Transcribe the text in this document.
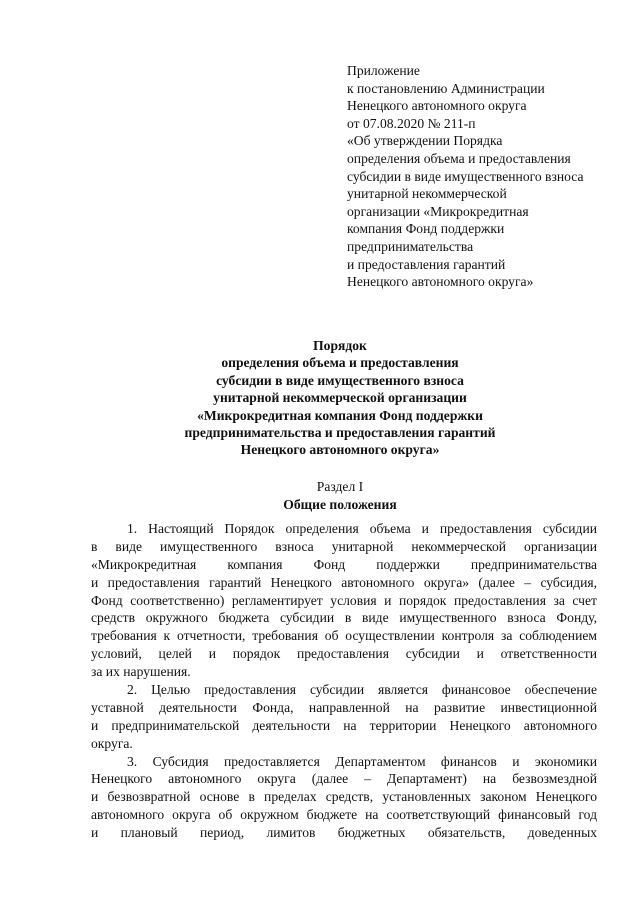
Приложение
к постановлению Администрации
Ненецкого автономного округа
от 07.08.2020 № 211-п
«Об утверждении Порядка
определения объема и предоставления
субсидии в виде имущественного взноса
унитарной некоммерческой
организации «Микрокредитная
компания Фонд поддержки
предпринимательства
и предоставления гарантий
Ненецкого автономного округа»
Порядок
определения объема и предоставления
субсидии в виде имущественного взноса
унитарной некоммерческой организации
«Микрокредитная компания Фонд поддержки
предпринимательства и предоставления гарантий
Ненецкого автономного округа»
Раздел I
Общие положения
1. Настоящий Порядок определения объема и предоставления субсидии
в виде имущественного взноса унитарной некоммерческой организации
«Микрокредитная компания Фонд поддержки предпринимательства
и предоставления гарантий Ненецкого автономного округа» (далее – субсидия,
Фонд соответственно) регламентирует условия и порядок предоставления за счет
средств окружного бюджета субсидии в виде имущественного взноса Фонду,
требования к отчетности, требования об осуществлении контроля за соблюдением
условий, целей и порядок предоставления субсидии и ответственности
за их нарушения.
2. Целью предоставления субсидии является финансовое обеспечение
уставной деятельности Фонда, направленной на развитие инвестиционной
и предпринимательской деятельности на территории Ненецкого автономного
округа.
3. Субсидия предоставляется Департаментом финансов и экономики
Ненецкого автономного округа (далее – Департамент) на безвозмездной
и безвозвратной основе в пределах средств, установленных законом Ненецкого
автономного округа об окружном бюджете на соответствующий финансовый год
и плановый период, лимитов бюджетных обязательств, доведенных
